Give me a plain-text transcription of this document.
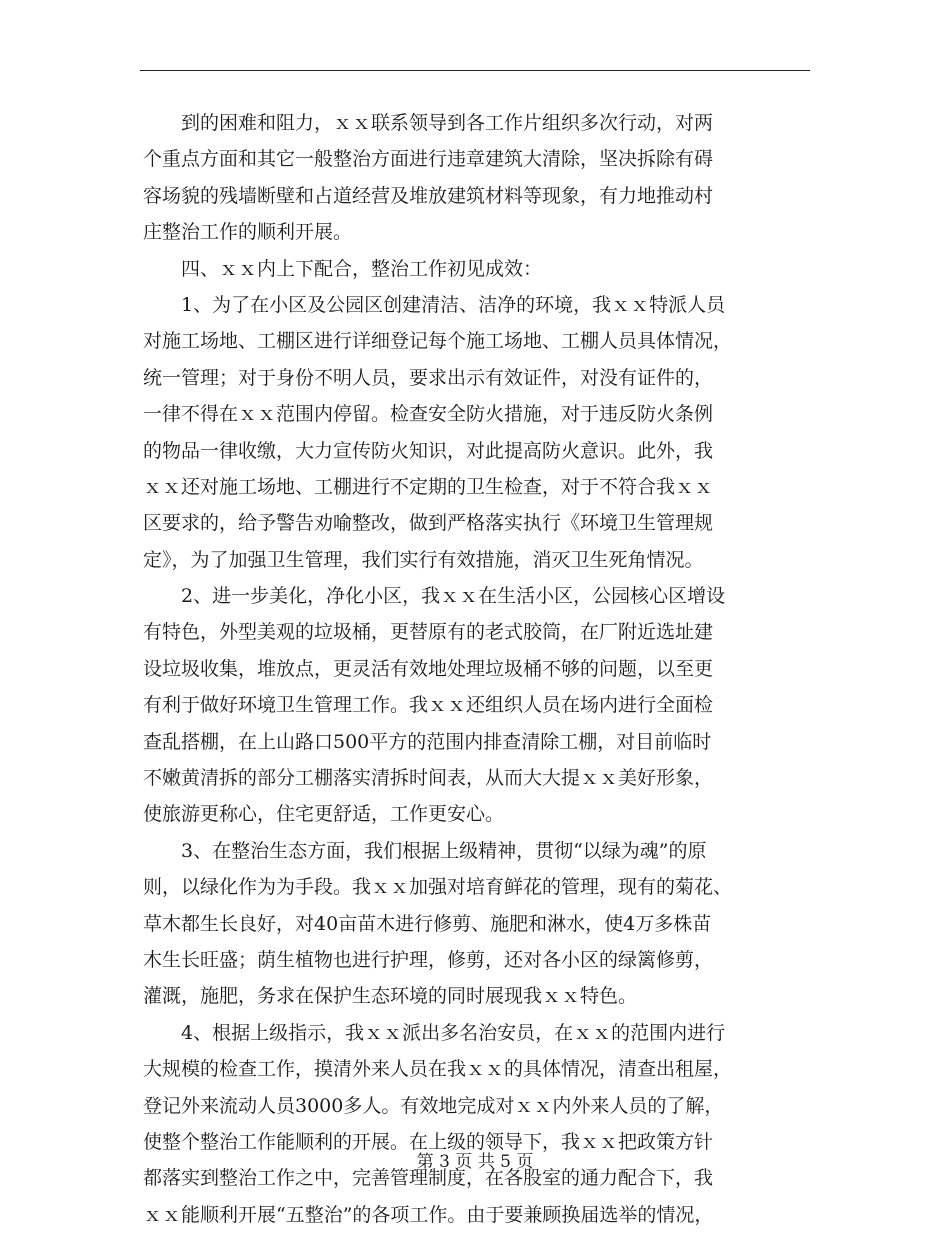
　　到的困难和阻力，ｘｘ联系领导到各工作片组织多次行动，对两
个重点方面和其它一般整治方面进行违章建筑大清除，坚决拆除有碍
容场貌的残墙断壁和占道经营及堆放建筑材料等现象，有力地推动村
庄整治工作的顺利开展。
　　四、ｘｘ内上下配合，整治工作初见成效：
　　1、为了在小区及公园区创建清洁、洁净的环境，我ｘｘ特派人员
对施工场地、工棚区进行详细登记每个施工场地、工棚人员具体情况，
统一管理；对于身份不明人员，要求出示有效证件，对没有证件的，
一律不得在ｘｘ范围内停留。检查安全防火措施，对于违反防火条例
的物品一律收缴，大力宣传防火知识，对此提高防火意识。此外，我
ｘｘ还对施工场地、工棚进行不定期的卫生检查，对于不符合我ｘｘ
区要求的，给予警告劝喻整改，做到严格落实执行《环境卫生管理规
定》，为了加强卫生管理，我们实行有效措施，消灭卫生死角情况。
　　2、进一步美化，净化小区，我ｘｘ在生活小区，公园核心区增设
有特色，外型美观的垃圾桶，更替原有的老式胶筒，在厂附近选址建
设垃圾收集，堆放点，更灵活有效地处理垃圾桶不够的问题，以至更
有利于做好环境卫生管理工作。我ｘｘ还组织人员在场内进行全面检
查乱搭棚，在上山路口500平方的范围内排查清除工棚，对目前临时
不嫩黄清拆的部分工棚落实清拆时间表，从而大大提ｘｘ美好形象，
使旅游更称心，住宅更舒适，工作更安心。
　　3、在整治生态方面，我们根据上级精神，贯彻“以绿为魂”的原
则，以绿化作为为手段。我ｘｘ加强对培育鲜花的管理，现有的菊花、
草木都生长良好，对40亩苗木进行修剪、施肥和淋水，使4万多株苗
木生长旺盛；荫生植物也进行护理，修剪，还对各小区的绿篱修剪，
灌溉，施肥，务求在保护生态环境的同时展现我ｘｘ特色。
　　4、根据上级指示，我ｘｘ派出多名治安员，在ｘｘ的范围内进行
大规模的检查工作，摸清外来人员在我ｘｘ的具体情况，清查出租屋，
登记外来流动人员3000多人。有效地完成对ｘｘ内外来人员的了解，
使整个整治工作能顺利的开展。在上级的领导下，我ｘｘ把政策方针
都落实到整治工作之中，完善管理制度，在各股室的通力配合下，我
ｘｘ能顺利开展“五整治”的各项工作。由于要兼顾换届选举的情况，
第 3 页 共 5 页
